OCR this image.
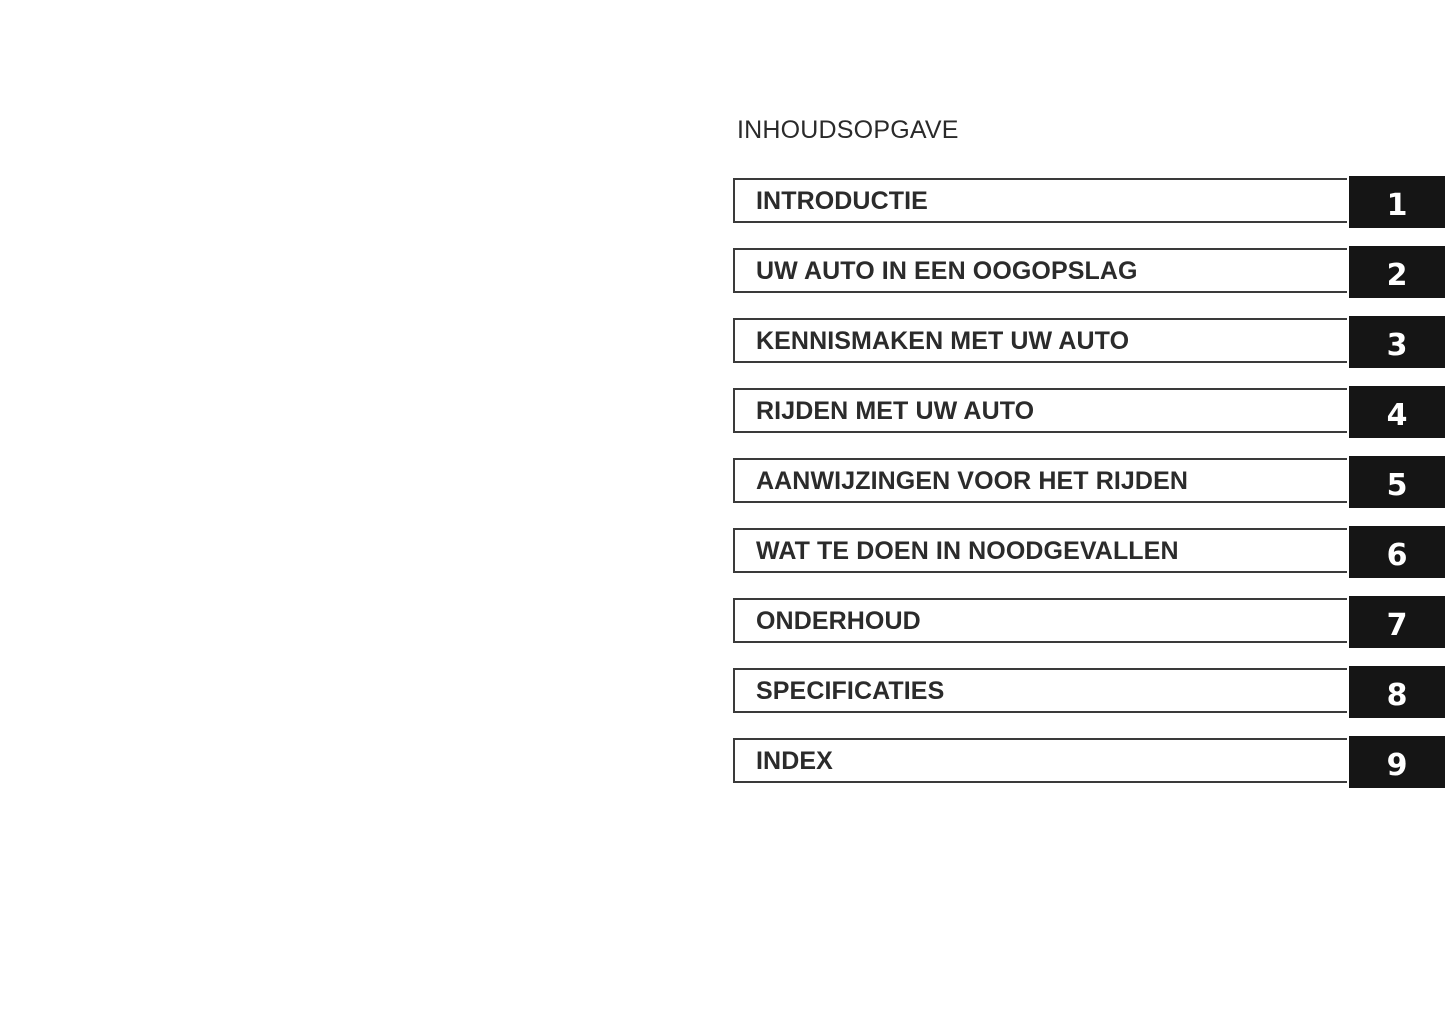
INHOUDSOPGAVE
INTRODUCTIE	1
UW AUTO IN EEN OOGOPSLAG	2
KENNISMAKEN MET UW AUTO	3
RIJDEN MET UW AUTO	4
AANWIJZINGEN VOOR HET RIJDEN	5
WAT TE DOEN IN NOODGEVALLEN	6
ONDERHOUD	7
SPECIFICATIES	8
INDEX	9
